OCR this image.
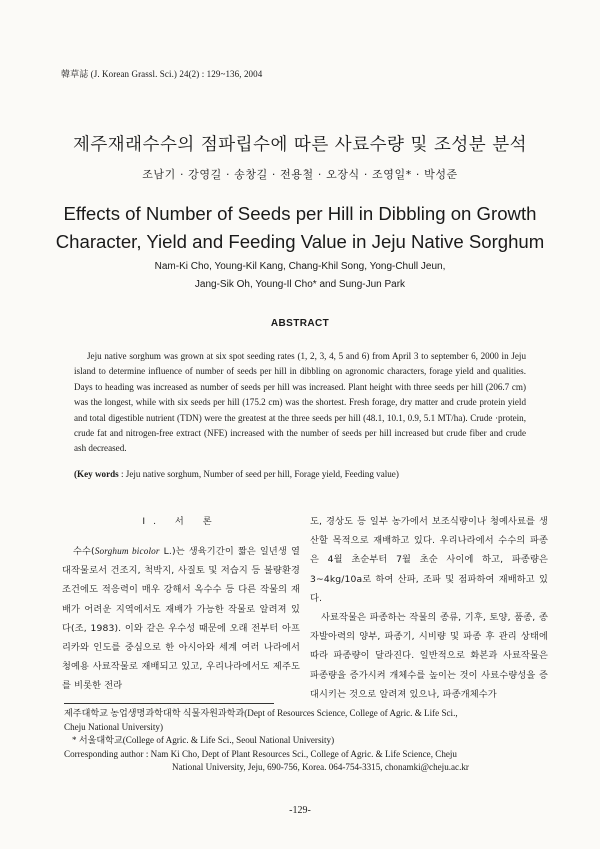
韓草誌 (J. Korean Grassl. Sci.) 24(2) : 129~136, 2004
제주재래수수의 점파립수에 따른 사료수량 및 조성분 분석
조남기 · 강영길 · 송창길 · 전용철 · 오장식 · 조영일* · 박성준
Effects of Number of Seeds per Hill in Dibbling on Growth
Character, Yield and Feeding Value in Jeju Native Sorghum
Nam-Ki Cho, Young-Kil Kang, Chang-Khil Song, Yong-Chull Jeun,
Jang-Sik Oh, Young-Il Cho* and Sung-Jun Park
ABSTRACT

Jeju native sorghum was grown at six spot seeding rates (1, 2, 3, 4, 5 and 6) from April 3 to september 6, 2000 in Jeju island to determine influence of number of seeds per hill in dibbling on agronomic characters, forage yield and qualities. Days to heading was increased as number of seeds per hill was increased. Plant height with three seeds per hill (206.7 cm) was the longest, while with six seeds per hill (175.2 cm) was the shortest. Fresh forage, dry matter and crude protein yield and total digestible nutrient (TDN) were the greatest at the three seeds per hill (48.1, 10.1, 0.9, 5.1 MT/ha). Crude ·protein, crude fat and nitrogen-free extract (NFE) increased with the number of seeds per hill increased but crude fiber and crude ash decreased.

(Key words : Jeju native sorghum, Number of seed per hill, Forage yield, Feeding value)
Ⅰ. 서 론

수수(Sorghum bicolor L.)는 생육기간이 짧은 일년생 열대작물로서 건조지, 척박지, 사질토 및 저습지 등 불량환경조건에도 적응력이 매우 강해서 옥수수 등 다른 작물의 재배가 어려운 지역에서도 재배가 가능한 작물로 알려져 있다(조, 1983). 이와 같은 우수성 때문에 오래 전부터 아프리카와 인도를 중심으로 한 아시아와 세계 여러 나라에서 청예용 사료작물로 재배되고 있고, 우리나라에서도 제주도를 비롯한 전라

도, 경상도 등 일부 농가에서 보조식량이나 청예사료를 생산할 목적으로 재배하고 있다. 우리나라에서 수수의 파종은 4월 초순부터 7월 초순 사이에 하고, 파종량은 3~4kg/10a로 하여 산파, 조파 및 점파하여 재배하고 있다.

사료작물은 파종하는 작물의 종류, 기후, 토양, 품종, 종자발아력의 양부, 파종기, 시비량 및 파종 후 관리 상태에 따라 파종량이 달라진다. 일반적으로 화본과 사료작물은 파종량을 증가시켜 개체수를 높이는 것이 사료수량성을 증대시키는 것으로 알려져 있으나, 파종개체수가

제주대학교 농업생명과학대학 식물자원과학과(Dept of Resources Science, College of Agric. & Life Sci.,
Cheju National University)
* 서울대학교(College of Agric. & Life Sci., Seoul National University)
Corresponding author : Nam Ki Cho, Dept of Plant Resources Sci., College of Agric. & Life Science, Cheju
National University, Jeju, 690-756, Korea. 064-754-3315, chonamki@cheju.ac.kr
-129-
